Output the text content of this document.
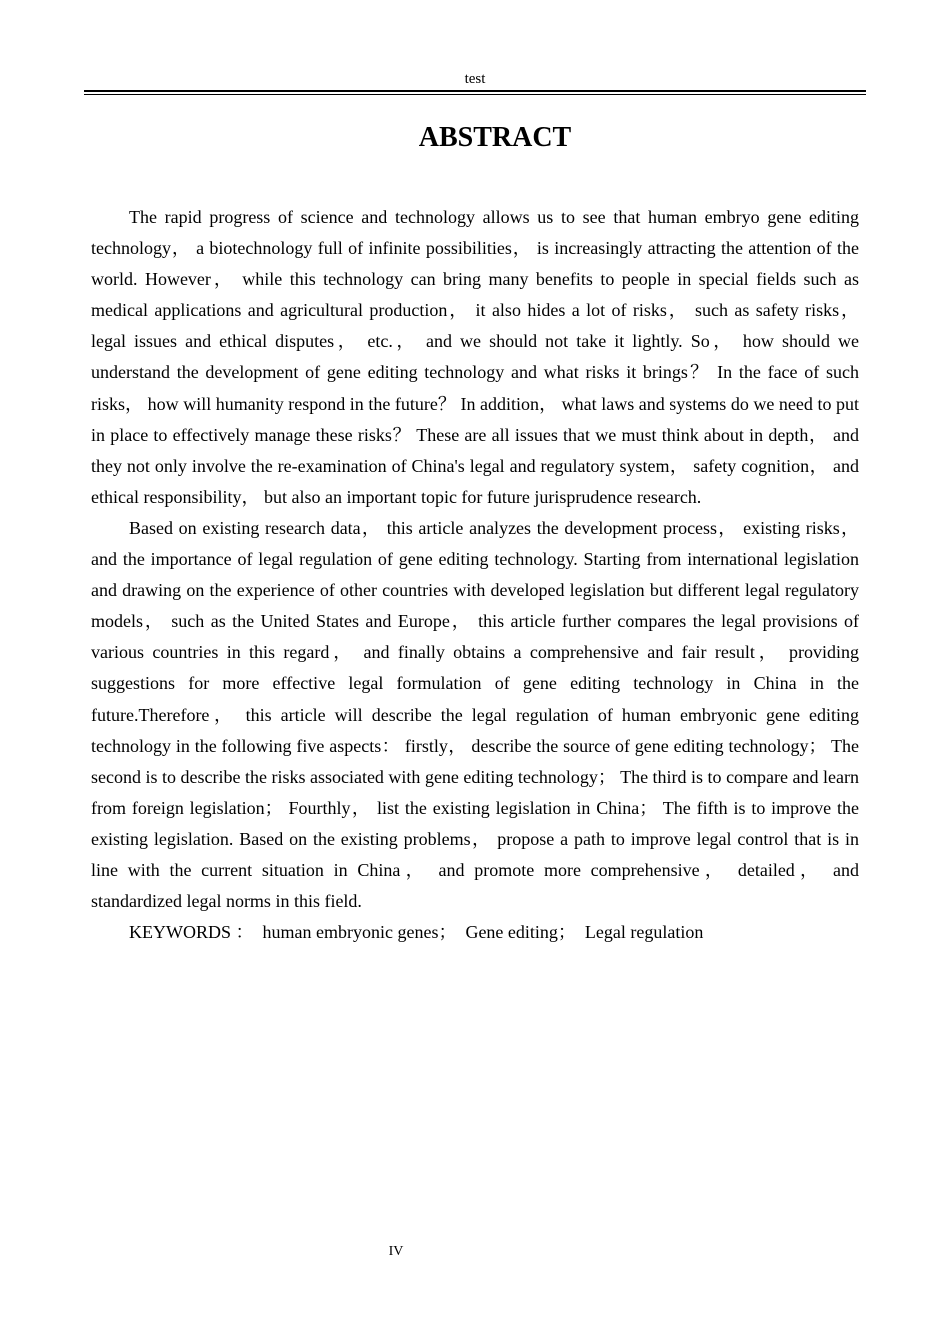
test
ABSTRACT

The rapid progress of science and technology allows us to see that human embryo gene editing technology， a biotechnology full of infinite possibilities， is increasingly attracting the attention of the world. However， while this technology can bring many benefits to people in special fields such as medical applications and agricultural production， it also hides a lot of risks， such as safety risks， legal issues and ethical disputes， etc.， and we should not take it lightly. So， how should we understand the development of gene editing technology and what risks it brings？ In the face of such risks， how will humanity respond in the future？ In addition， what laws and systems do we need to put in place to effectively manage these risks？ These are all issues that we must think about in depth， and they not only involve the re-examination of China's legal and regulatory system， safety cognition， and ethical responsibility， but also an important topic for future jurisprudence research.

Based on existing research data， this article analyzes the development process， existing risks， and the importance of legal regulation of gene editing technology. Starting from international legislation and drawing on the experience of other countries with developed legislation but different legal regulatory models， such as the United States and Europe， this article further compares the legal provisions of various countries in this regard， and finally obtains a comprehensive and fair result， providing suggestions for more effective legal formulation of gene editing technology in China in the future.Therefore， this article will describe the legal regulation of human embryonic gene editing technology in the following five aspects： firstly， describe the source of gene editing technology； The second is to describe the risks associated with gene editing technology； The third is to compare and learn from foreign legislation； Fourthly， list the existing legislation in China； The fifth is to improve the existing legislation. Based on the existing problems， propose a path to improve legal control that is in line with the current situation in China， and promote more comprehensive， detailed， and standardized legal norms in this field.

KEYWORDS ：  human embryonic genes；  Gene editing；  Legal regulation

IV
